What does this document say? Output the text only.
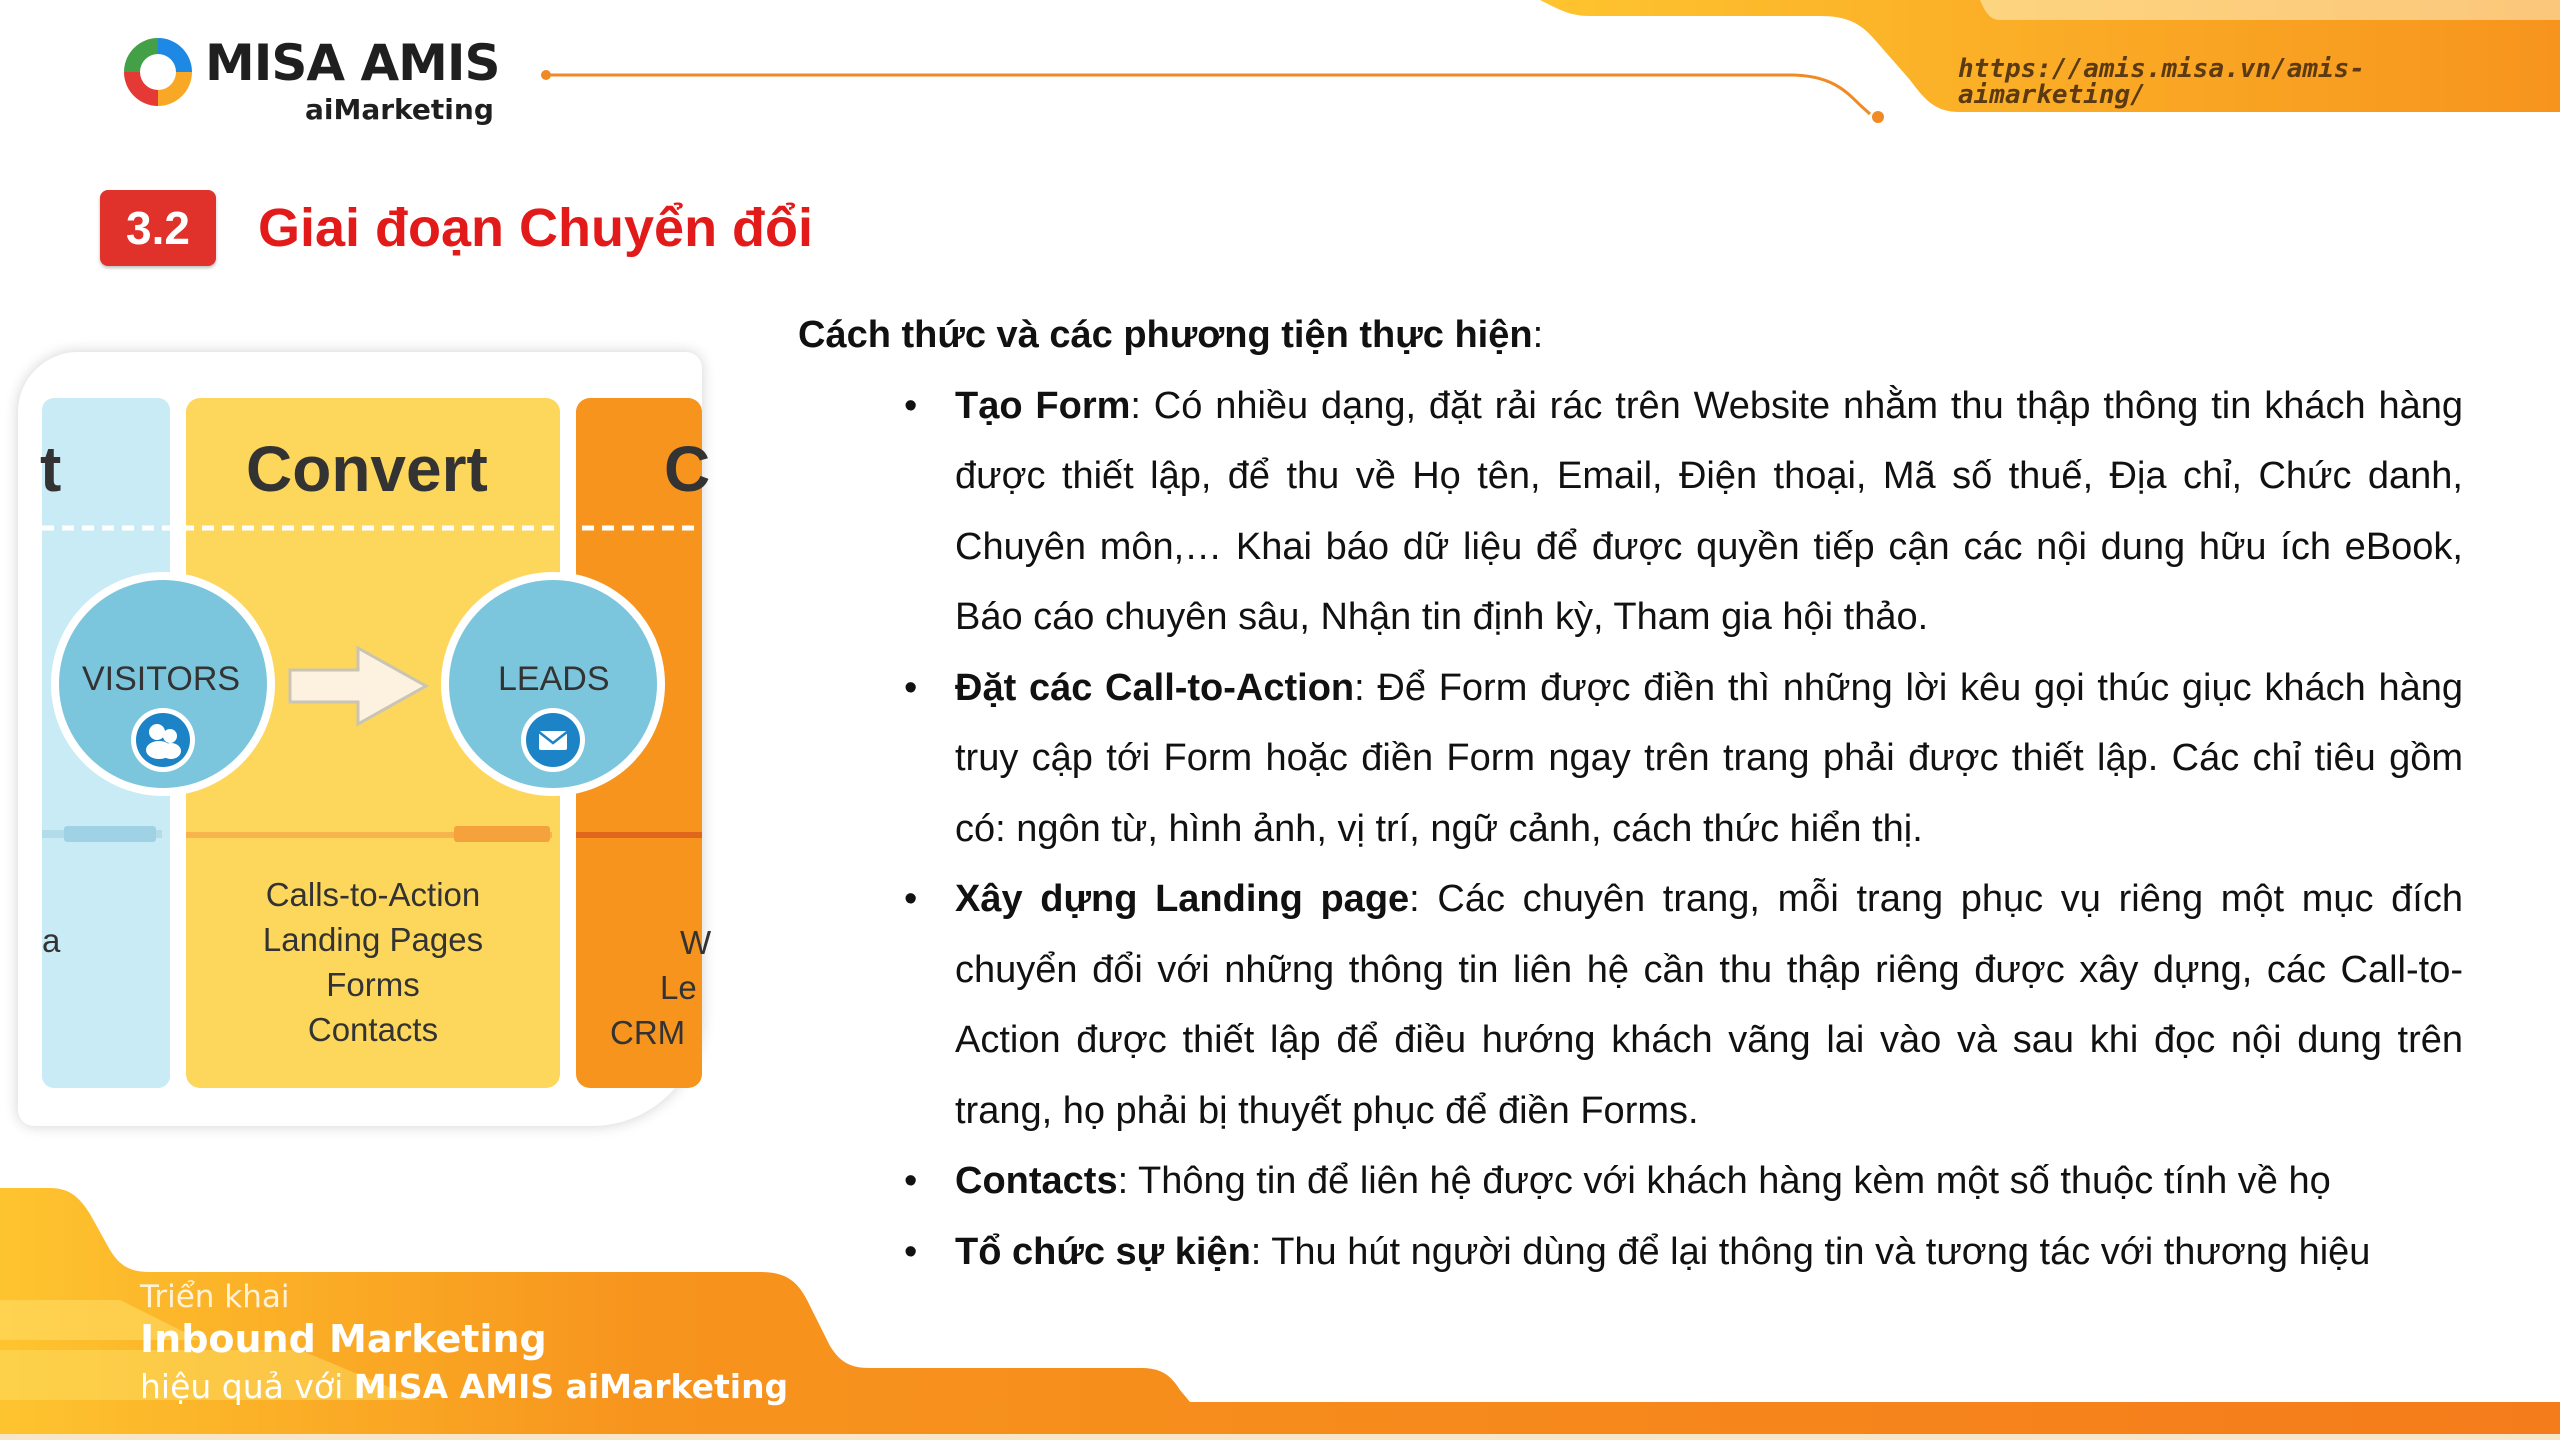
MISA AMIS
aiMarketing
https://amis.misa.vn/amis-aimarketing/
3.2	Giai đoạn Chuyển đổi
t	Convert	C
VISITORS	LEADS
Calls-to-Action
Landing Pages
Forms
Contacts
a	W
Le
CRM
Cách thức và các phương tiện thực hiện:
• Tạo Form: Có nhiều dạng, đặt rải rác trên Website nhằm thu thập thông tin khách hàng được thiết lập, để thu về Họ tên, Email, Điện thoại, Mã số thuế, Địa chỉ, Chức danh, Chuyên môn,… Khai báo dữ liệu để được quyền tiếp cận các nội dung hữu ích eBook, Báo cáo chuyên sâu, Nhận tin định kỳ, Tham gia hội thảo.
• Đặt các Call-to-Action: Để Form được điền thì những lời kêu gọi thúc giục khách hàng truy cập tới Form hoặc điền Form ngay trên trang phải được thiết lập. Các chỉ tiêu gồm có: ngôn từ, hình ảnh, vị trí, ngữ cảnh, cách thức hiển thị.
• Xây dựng Landing page: Các chuyên trang, mỗi trang phục vụ riêng một mục đích chuyển đổi với những thông tin liên hệ cần thu thập riêng được xây dựng, các Call-to-Action được thiết lập để điều hướng khách vãng lai vào và sau khi đọc nội dung trên trang, họ phải bị thuyết phục để điền Forms.
• Contacts: Thông tin để liên hệ được với khách hàng kèm một số thuộc tính về họ
• Tổ chức sự kiện: Thu hút người dùng để lại thông tin và tương tác với thương hiệu
Triển khai
Inbound Marketing
hiệu quả với MISA AMIS aiMarketing
